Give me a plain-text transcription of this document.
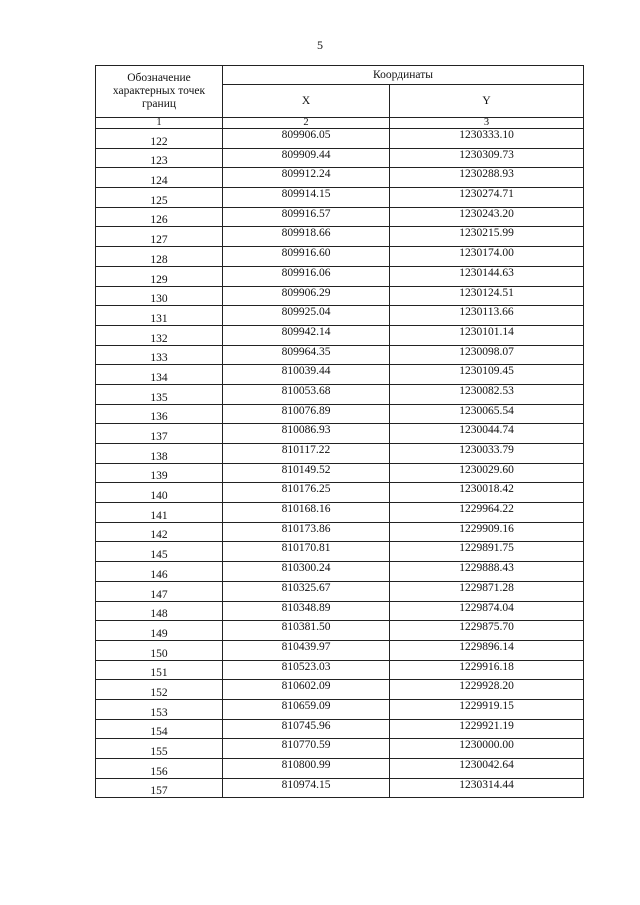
5
Обозначение характерных точек границ	Координаты	
	X	Y
1	2	3
122	809906.05	1230333.10
123	809909.44	1230309.73
124	809912.24	1230288.93
125	809914.15	1230274.71
126	809916.57	1230243.20
127	809918.66	1230215.99
128	809916.60	1230174.00
129	809916.06	1230144.63
130	809906.29	1230124.51
131	809925.04	1230113.66
132	809942.14	1230101.14
133	809964.35	1230098.07
134	810039.44	1230109.45
135	810053.68	1230082.53
136	810076.89	1230065.54
137	810086.93	1230044.74
138	810117.22	1230033.79
139	810149.52	1230029.60
140	810176.25	1230018.42
141	810168.16	1229964.22
142	810173.86	1229909.16
145	810170.81	1229891.75
146	810300.24	1229888.43
147	810325.67	1229871.28
148	810348.89	1229874.04
149	810381.50	1229875.70
150	810439.97	1229896.14
151	810523.03	1229916.18
152	810602.09	1229928.20
153	810659.09	1229919.15
154	810745.96	1229921.19
155	810770.59	1230000.00
156	810800.99	1230042.64
157	810974.15	1230314.44
